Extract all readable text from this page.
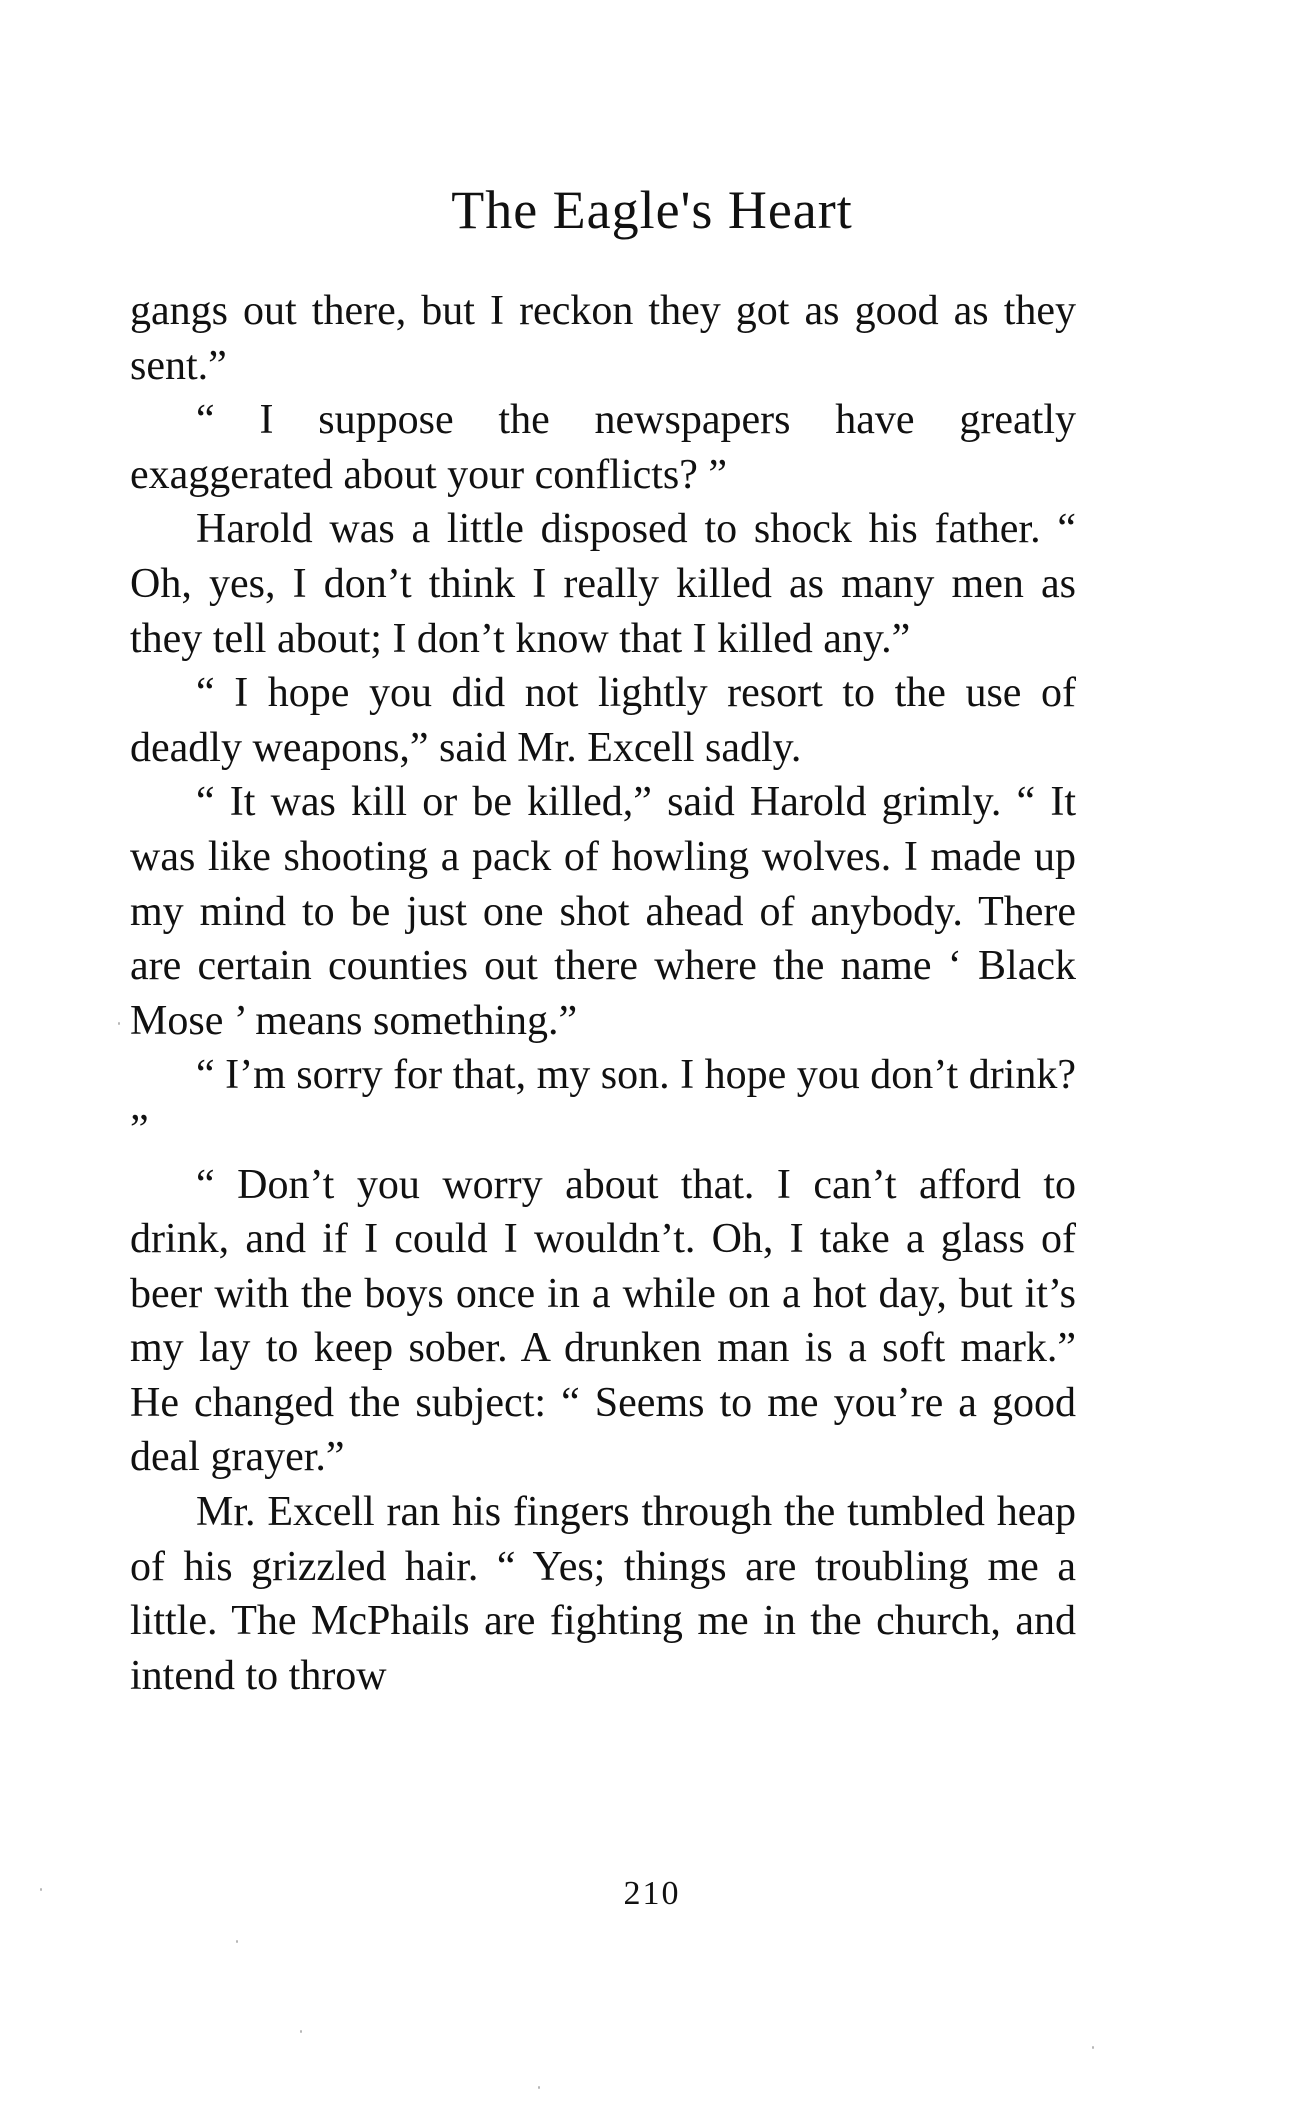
The Eagle's Heart

gangs out there, but I reckon they got as good as they sent.”

“ I suppose the newspapers have greatly exaggerated about your conflicts? ”

Harold was a little disposed to shock his father. “ Oh, yes, I don’t think I really killed as many men as they tell about; I don’t know that I killed any.”

“ I hope you did not lightly resort to the use of deadly weapons,” said Mr. Excell sadly.

“ It was kill or be killed,” said Harold grimly. “ It was like shooting a pack of howling wolves. I made up my mind to be just one shot ahead of anybody. There are certain counties out there where the name ‘ Black Mose ’ means something.”

“ I’m sorry for that, my son. I hope you don’t drink? ”

“ Don’t you worry about that. I can’t afford to drink, and if I could I wouldn’t. Oh, I take a glass of beer with the boys once in a while on a hot day, but it’s my lay to keep sober. A drunken man is a soft mark.” He changed the subject: “ Seems to me you’re a good deal grayer.”

Mr. Excell ran his fingers through the tumbled heap of his grizzled hair. “ Yes; things are troubling me a little. The McPhails are fighting me in the church, and intend to throw

210
